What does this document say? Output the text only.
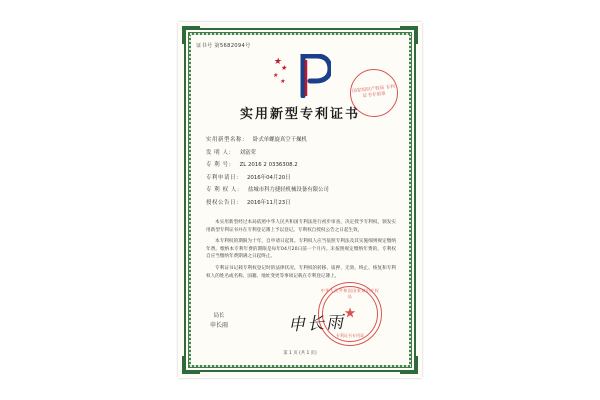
证书号 第5682094号
★
★
★
★
国家知识产权局 专利证书专用章
实用新型专利证书
实用新型名称： 卧式单螺旋真空干燥机
发 明 人： 刘富荣
专 利 号： ZL 2016 2 0336308.2
专利申请日： 2016年04月20日
专 利 权 人： 盐城市科力捷轻机械设备有限公司
授权公告日： 2016年11月23日

本实用新型经过本局依照中华人民共和国专利法进行初步审查，决定授予专利权，颁发实用新型专利证书并在专利登记簿上予以登记。专利权自授权公告之日起生效。

本专利权的期限为十年，自申请日起算。专利权人应当依照专利法及其实施细则规定缴纳年费。缴纳本专利年费的期限是每年04月20日前一个月内。未按照规定缴纳年费的，专利权自应当缴纳年费期满之日起终止。

专利证书记载专利权登记时的法律状况。专利权的转移、质押、无效、终止、恢复和专利权人的姓名或名称、国籍、地址变更等事项记载在专利登记簿上。

局长
申长雨	申长雨
中华人民共和国国家知识产权局
★
专利证书专用章
第 1 页 (共 1 页)
